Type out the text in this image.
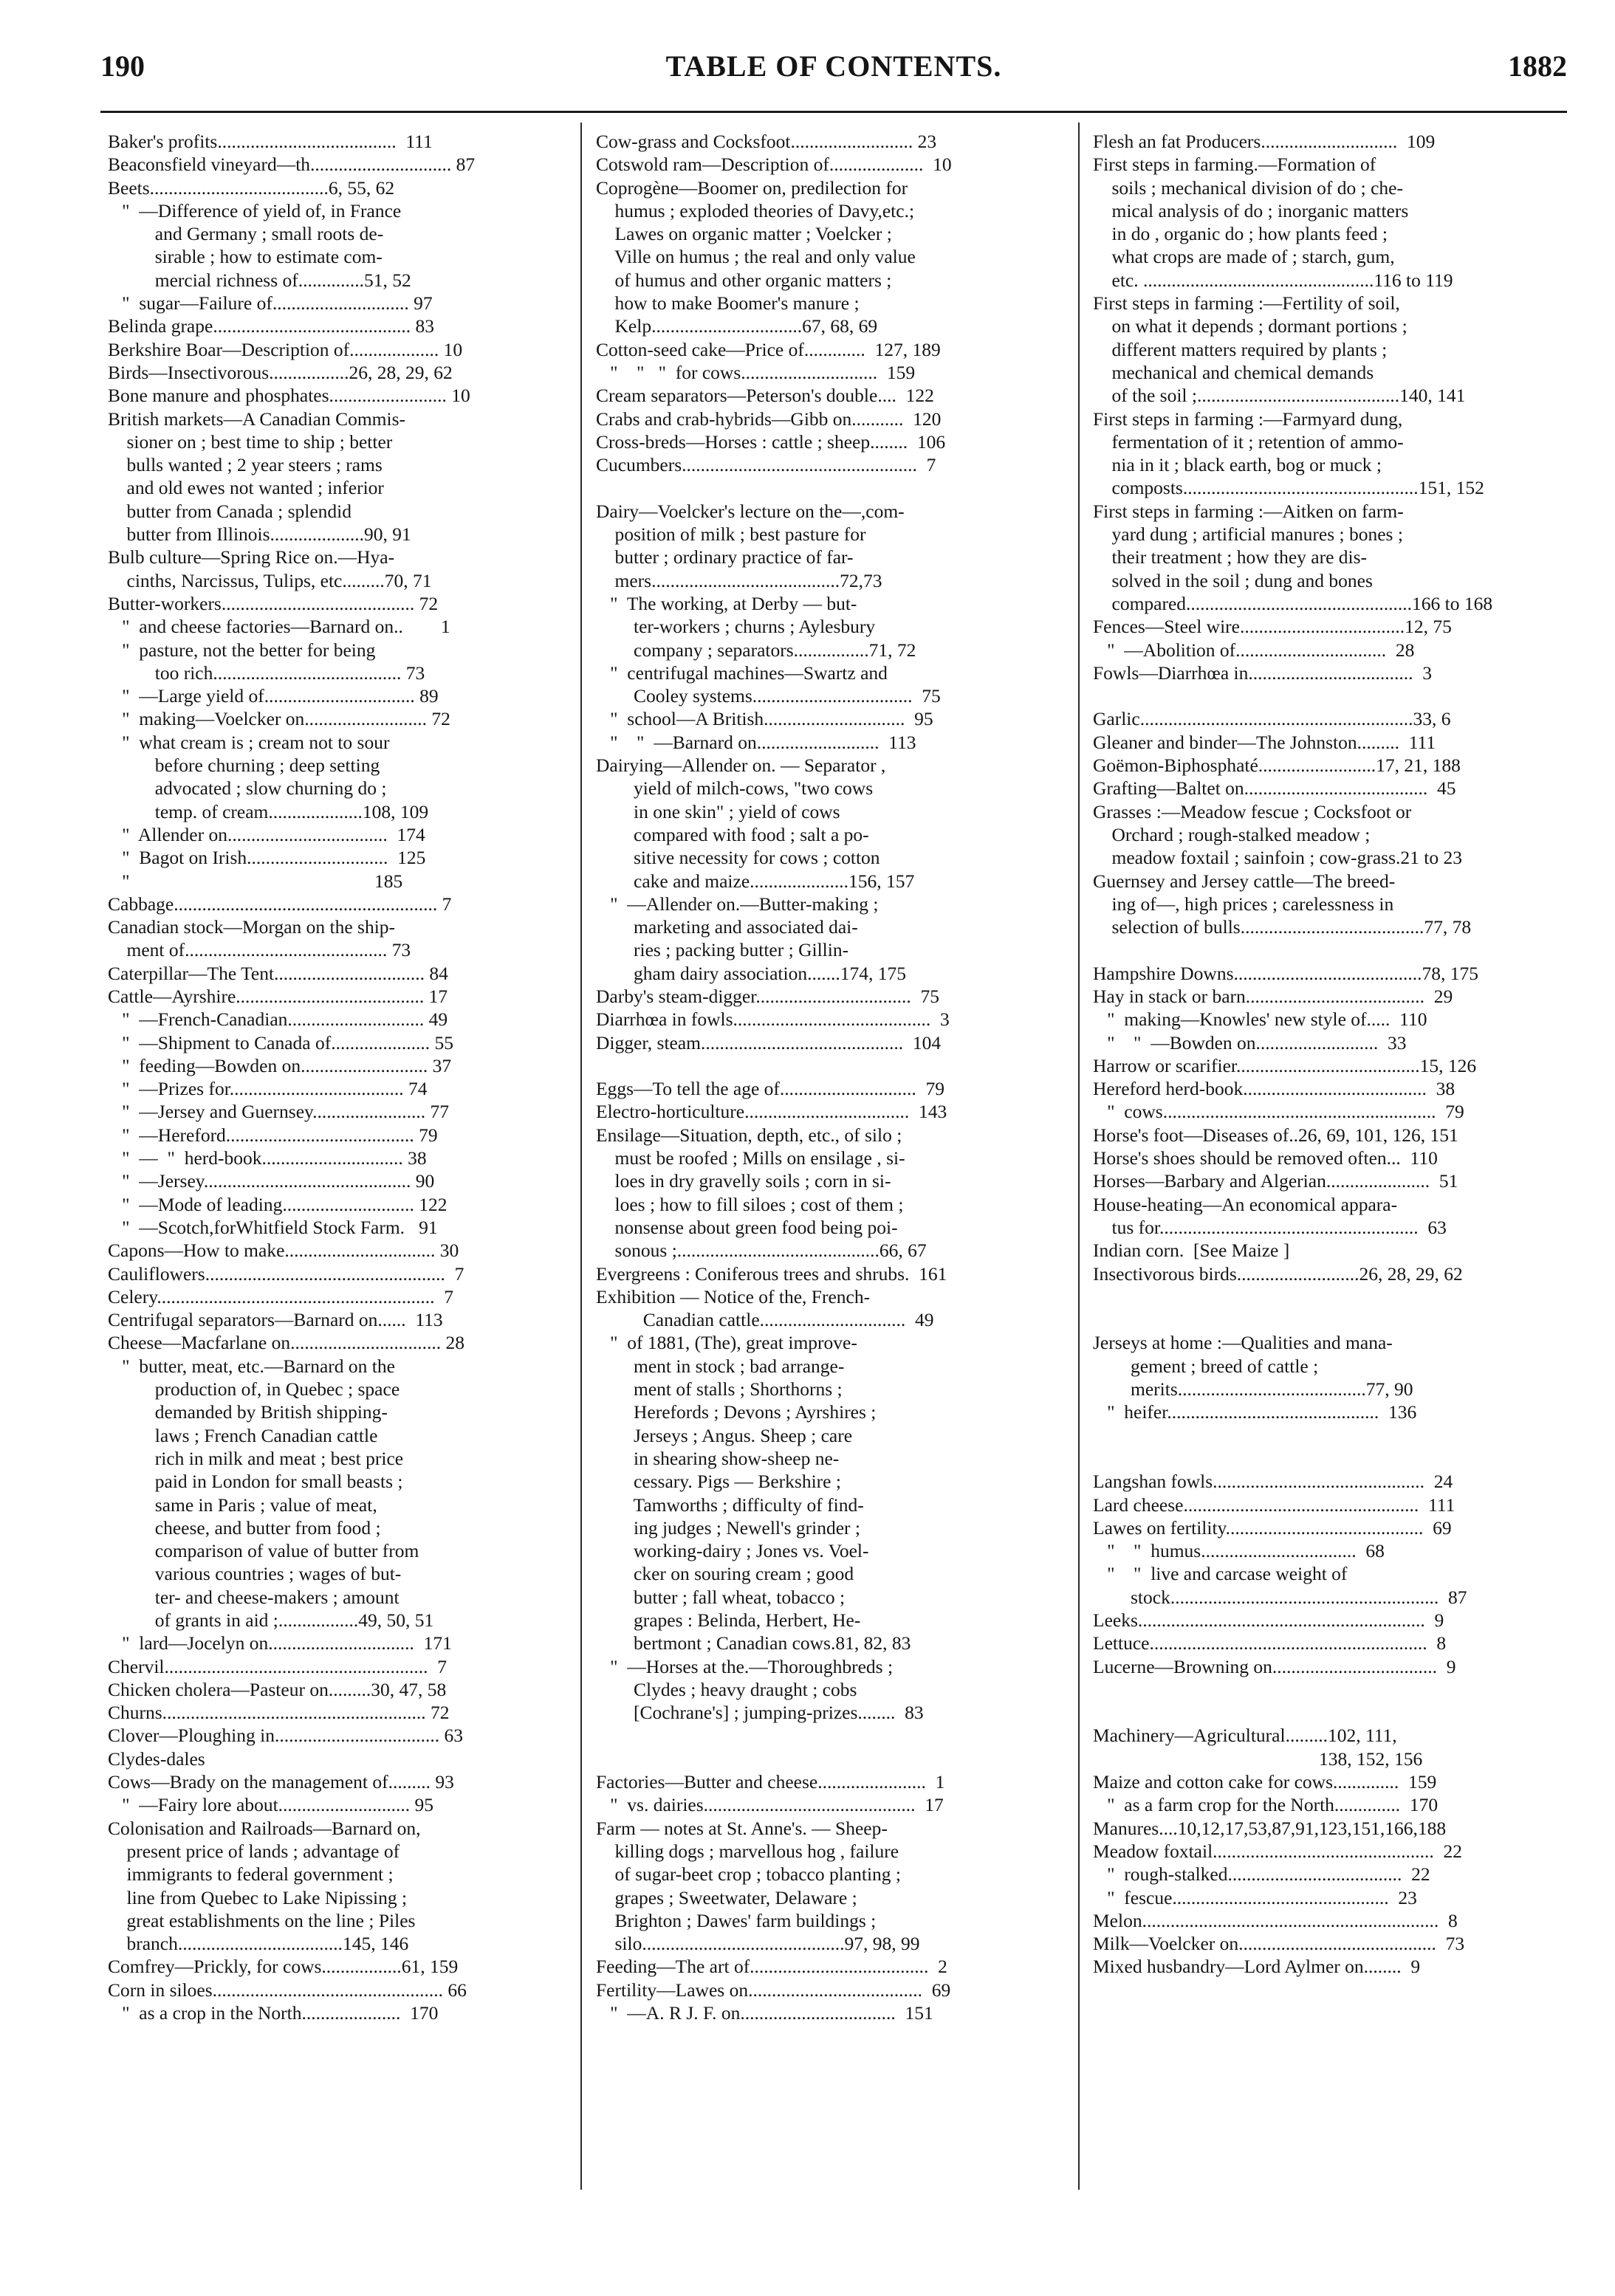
190	TABLE OF CONTENTS.	1882
Baker's profits......................................  111
Beaconsfield vineyard—th.............................. 87
Beets......................................6, 55, 62
"  —Difference of yield of, in France
and Germany ; small roots de-
sirable ; how to estimate com-
mercial richness of..............51, 52
"  sugar—Failure of............................. 97
Belinda grape.......................................... 83
Berkshire Boar—Description of................... 10
Birds—Insectivorous.................26, 28, 29, 62
Bone manure and phosphates......................... 10
British markets—A Canadian Commis-
sioner on ; best time to ship ; better
bulls wanted ; 2 year steers ; rams
and old ewes not wanted ; inferior
butter from Canada ; splendid
butter from Illinois....................90, 91
Bulb culture—Spring Rice on.—Hya-
cinths, Narcissus, Tulips, etc.........70, 71
Butter-workers......................................... 72
"  and cheese factories—Barnard on..        1
"  pasture, not the better for being
too rich........................................ 73
"  —Large yield of................................ 89
"  making—Voelcker on.......................... 72
"  what cream is ; cream not to sour
before churning ; deep setting
advocated ; slow churning do ;
temp. of cream....................108, 109
"  Allender on..................................  174
"  Bagot on Irish..............................  125
"                                                    185
Cabbage........................................................ 7
Canadian stock—Morgan on the ship-
ment of........................................... 73
Caterpillar—The Tent................................ 84
Cattle—Ayrshire........................................ 17
"  —French-Canadian............................. 49
"  —Shipment to Canada of..................... 55
"  feeding—Bowden on........................... 37
"  —Prizes for..................................... 74
"  —Jersey and Guernsey........................ 77
"  —Hereford........................................ 79
"  —  "  herd-book.............................. 38
"  —Jersey............................................ 90
"  —Mode of leading............................ 122
"  —Scotch,forWhitfield Stock Farm.   91
Capons—How to make................................ 30
Cauliflowers...................................................  7
Celery...........................................................  7
Centrifugal separators—Barnard on......  113
Cheese—Macfarlane on................................ 28
"  butter, meat, etc.—Barnard on the
production of, in Quebec ; space
demanded by British shipping-
laws ; French Canadian cattle
rich in milk and meat ; best price
paid in London for small beasts ;
same in Paris ; value of meat,
cheese, and butter from food ;
comparison of value of butter from
various countries ; wages of but-
ter- and cheese-makers ; amount
of grants in aid ;.................49, 50, 51
"  lard—Jocelyn on...............................  171
Chervil........................................................  7
Chicken cholera—Pasteur on.........30, 47, 58
Churns........................................................ 72
Clover—Ploughing in................................... 63
Clydes-dales
Cows—Brady on the management of......... 93
"  —Fairy lore about............................ 95
Colonisation and Railroads—Barnard on,
present price of lands ; advantage of
immigrants to federal government ;
line from Quebec to Lake Nipissing ;
great establishments on the line ; Piles
branch...................................145, 146
Comfrey—Prickly, for cows.................61, 159
Corn in siloes................................................. 66
"  as a crop in the North.....................  170
Cow-grass and Cocksfoot.......................... 23
Cotswold ram—Description of....................  10
Coprogène—Boomer on, predilection for
humus ; exploded theories of Davy,etc.;
Lawes on organic matter ; Voelcker ;
Ville on humus ; the real and only value
of humus and other organic matters ;
how to make Boomer's manure ;
Kelp................................67, 68, 69
Cotton-seed cake—Price of.............  127, 189
"    "   "  for cows.............................  159
Cream separators—Peterson's double....  122
Crabs and crab-hybrids—Gibb on...........  120
Cross-breds—Horses : cattle ; sheep........  106
Cucumbers..................................................  7
Dairy—Voelcker's lecture on the—,com-
position of milk ; best pasture for
butter ; ordinary practice of far-
mers........................................72,73
"  The working, at Derby — but-
ter-workers ; churns ; Aylesbury
company ; separators................71, 72
"  centrifugal machines—Swartz and
Cooley systems..................................  75
"  school—A British..............................  95
"    "  —Barnard on..........................  113
Dairying—Allender on. — Separator ,
yield of milch-cows, "two cows
in one skin" ; yield of cows
compared with food ; salt a po-
sitive necessity for cows ; cotton
cake and maize.....................156, 157
"  —Allender on.—Butter-making ;
marketing and associated dai-
ries ; packing butter ; Gillin-
gham dairy association.......174, 175
Darby's steam-digger.................................  75
Diarrhœa in fowls..........................................  3
Digger, steam...........................................  104
Eggs—To tell the age of.............................  79
Electro-horticulture...................................  143
Ensilage—Situation, depth, etc., of silo ;
must be roofed ; Mills on ensilage , si-
loes in dry gravelly soils ; corn in si-
loes ; how to fill siloes ; cost of them ;
nonsense about green food being poi-
sonous ;...........................................66, 67
Evergreens : Coniferous trees and shrubs.  161
Exhibition — Notice of the, French-
Canadian cattle...............................  49
"  of 1881, (The), great improve-
ment in stock ; bad arrange-
ment of stalls ; Shorthorns ;
Herefords ; Devons ; Ayrshires ;
Jerseys ; Angus. Sheep ; care
in shearing show-sheep ne-
cessary. Pigs — Berkshire ;
Tamworths ; difficulty of find-
ing judges ; Newell's grinder ;
working-dairy ; Jones vs. Voel-
cker on souring cream ; good
butter ; fall wheat, tobacco ;
grapes : Belinda, Herbert, He-
bertmont ; Canadian cows.81, 82, 83
"  —Horses at the.—Thoroughbreds ;
Clydes ; heavy draught ; cobs
[Cochrane's] ; jumping-prizes........  83
Factories—Butter and cheese.......................  1
"  vs. dairies.............................................  17
Farm — notes at St. Anne's. — Sheep-
killing dogs ; marvellous hog , failure
of sugar-beet crop ; tobacco planting ;
grapes ; Sweetwater, Delaware ;
Brighton ; Dawes' farm buildings ;
silo...........................................97, 98, 99
Feeding—The art of......................................  2
Fertility—Lawes on.....................................  69
"  —A. R J. F. on.................................  151
Flesh an fat Producers.............................  109
First steps in farming.—Formation of
soils ; mechanical division of do ; che-
mical analysis of do ; inorganic matters
in do , organic do ; how plants feed ;
what crops are made of ; starch, gum,
etc. .................................................116 to 119
First steps in farming :—Fertility of soil,
on what it depends ; dormant portions ;
different matters required by plants ;
mechanical and chemical demands
of the soil ;...........................................140, 141
First steps in farming :—Farmyard dung,
fermentation of it ; retention of ammo-
nia in it ; black earth, bog or muck ;
composts..................................................151, 152
First steps in farming :—Aitken on farm-
yard dung ; artificial manures ; bones ;
their treatment ; how they are dis-
solved in the soil ; dung and bones
compared................................................166 to 168
Fences—Steel wire...................................12, 75
"  —Abolition of................................  28
Fowls—Diarrhœa in...................................  3
Garlic..........................................................33, 6
Gleaner and binder—The Johnston.........  111
Goëmon-Biphosphaté.........................17, 21, 188
Grafting—Baltet on.......................................  45
Grasses :—Meadow fescue ; Cocksfoot or
Orchard ; rough-stalked meadow ;
meadow foxtail ; sainfoin ; cow-grass.21 to 23
Guernsey and Jersey cattle—The breed-
ing of—, high prices ; carelessness in
selection of bulls.......................................77, 78
Hampshire Downs........................................78, 175
Hay in stack or barn......................................  29
"  making—Knowles' new style of.....  110
"    "  —Bowden on..........................  33
Harrow or scarifier.......................................15, 126
Hereford herd-book.......................................  38
"  cows..........................................................  79
Horse's foot—Diseases of..26, 69, 101, 126, 151
Horse's shoes should be removed often...  110
Horses—Barbary and Algerian......................  51
House-heating—An economical appara-
tus for.......................................................  63
Indian corn.  [See Maize ]
Insectivorous birds..........................26, 28, 29, 62
Jerseys at home :—Qualities and mana-
gement ; breed of cattle ;
merits........................................77, 90
"  heifer.............................................  136
Langshan fowls.............................................  24
Lard cheese..................................................  111
Lawes on fertility..........................................  69
"    "  humus.................................  68
"    "  live and carcase weight of
stock.........................................................  87
Leeks.............................................................  9
Lettuce...........................................................  8
Lucerne—Browning on...................................  9
Machinery—Agricultural.........102, 111,
138, 152, 156
Maize and cotton cake for cows..............  159
"  as a farm crop for the North..............  170
Manures....10,12,17,53,87,91,123,151,166,188
Meadow foxtail...............................................  22
"  rough-stalked.....................................  22
"  fescue..............................................  23
Melon...............................................................  8
Milk—Voelcker on..........................................  73
Mixed husbandry—Lord Aylmer on........  9
